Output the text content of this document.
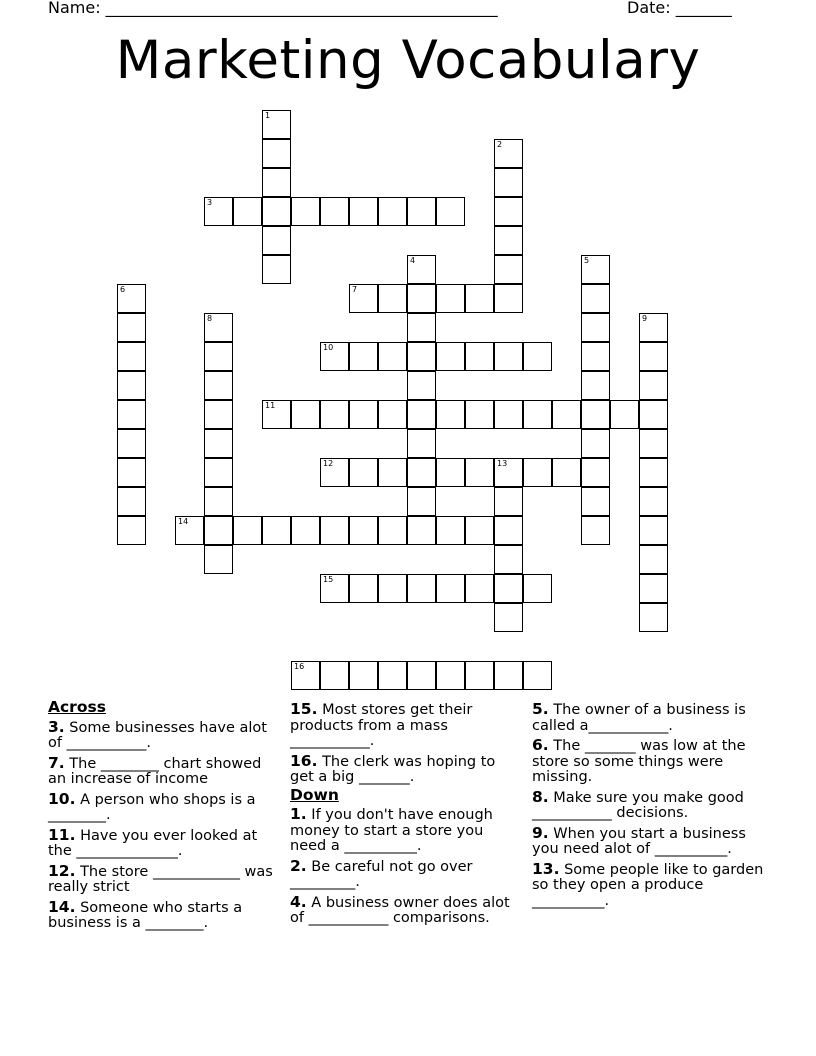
Name: _________________________________________________	Date: _______
Marketing Vocabulary
1
2
3
4	5
6	7
8	9
10
11
12	13
14
15
16
Across
3. Some businesses have alot of ___________.
7. The ________ chart showed an increase of income
10. A person who shops is a ________.
11. Have you ever looked at the ______________.
12. The store ____________ was really strict
14. Someone who starts a business is a ________.
15. Most stores get their products from a mass ___________.
16. The clerk was hoping to get a big _______.
Down
1. If you don't have enough money to start a store you need a __________.
2. Be careful not go over _________.
4. A business owner does alot of ___________ comparisons.
5. The owner of a business is called a___________.
6. The _______ was low at the store so some things were missing.
8. Make sure you make good ___________ decisions.
9. When you start a business you need alot of __________.
13. Some people like to garden so they open a produce __________.
